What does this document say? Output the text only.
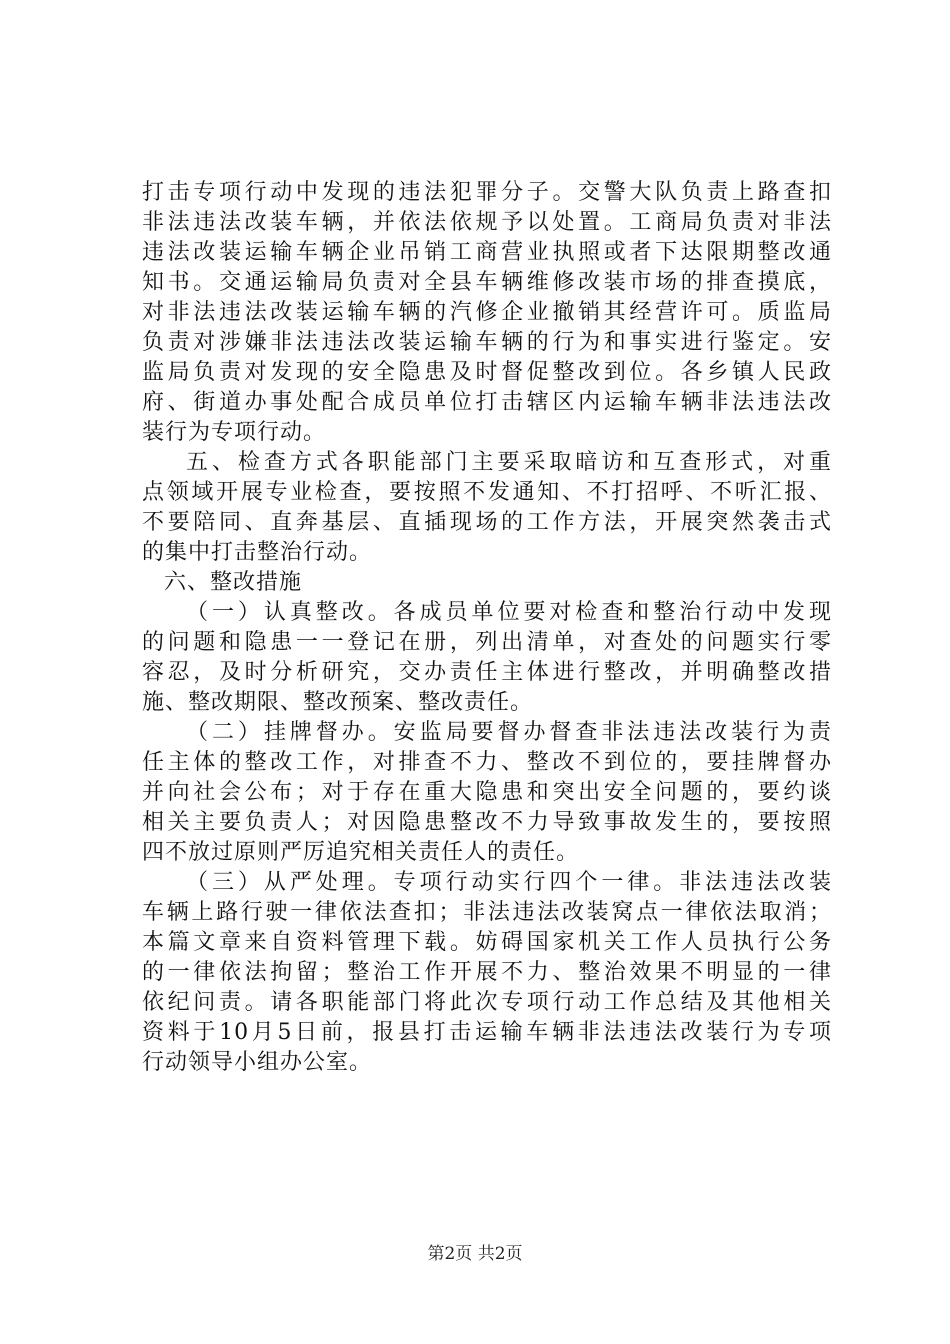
打击专项行动中发现的违法犯罪分子。交警大队负责上路查扣
非法违法改装车辆，并依法依规予以处置。工商局负责对非法
违法改装运输车辆企业吊销工商营业执照或者下达限期整改通
知书。交通运输局负责对全县车辆维修改装市场的排查摸底，
对非法违法改装运输车辆的汽修企业撤销其经营许可。质监局
负责对涉嫌非法违法改装运输车辆的行为和事实进行鉴定。安
监局负责对发现的安全隐患及时督促整改到位。各乡镇人民政
府、街道办事处配合成员单位打击辖区内运输车辆非法违法改
装行为专项行动。
五、检查方式各职能部门主要采取暗访和互查形式，对重
点领域开展专业检查，要按照不发通知、不打招呼、不听汇报、
不要陪同、直奔基层、直插现场的工作方法，开展突然袭击式
的集中打击整治行动。
六、整改措施
（一）认真整改。各成员单位要对检查和整治行动中发现
的问题和隐患一一登记在册，列出清单，对查处的问题实行零
容忍，及时分析研究，交办责任主体进行整改，并明确整改措
施、整改期限、整改预案、整改责任。
（二）挂牌督办。安监局要督办督查非法违法改装行为责
任主体的整改工作，对排查不力、整改不到位的，要挂牌督办
并向社会公布；对于存在重大隐患和突出安全问题的，要约谈
相关主要负责人；对因隐患整改不力导致事故发生的，要按照
四不放过原则严厉追究相关责任人的责任。
（三）从严处理。专项行动实行四个一律。非法违法改装
车辆上路行驶一律依法查扣；非法违法改装窝点一律依法取消；
本篇文章来自资料管理下载。妨碍国家机关工作人员执行公务
的一律依法拘留；整治工作开展不力、整治效果不明显的一律
依纪问责。请各职能部门将此次专项行动工作总结及其他相关
资料于10月5日前，报县打击运输车辆非法违法改装行为专项
行动领导小组办公室。
第2页 共2页
